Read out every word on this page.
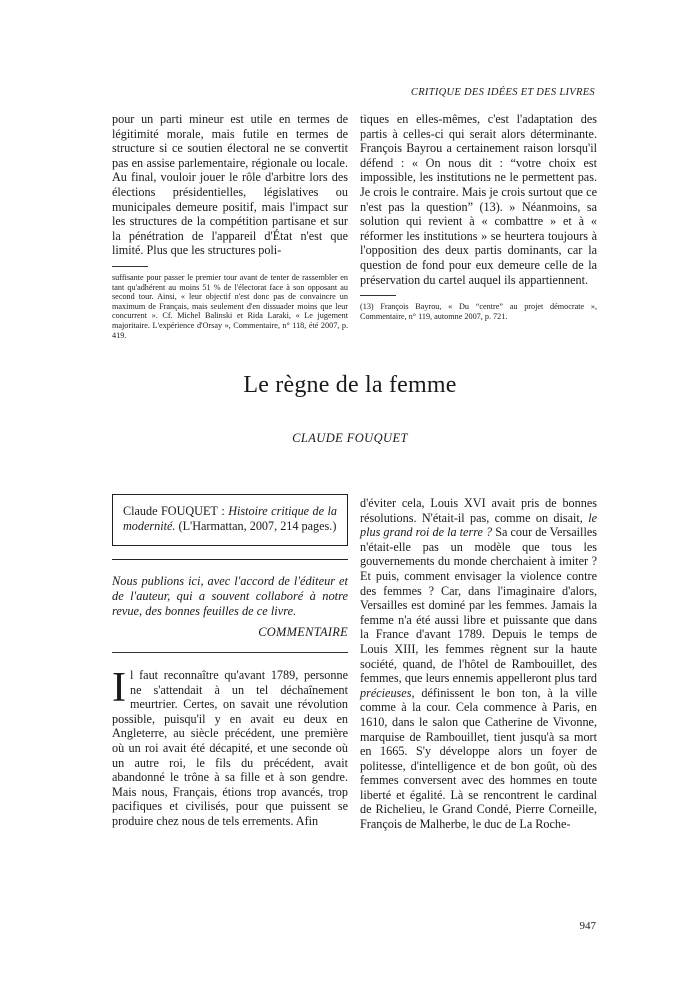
CRITIQUE DES IDÉES ET DES LIVRES

pour un parti mineur est utile en termes de légitimité morale, mais futile en termes de structure si ce soutien électoral ne se convertit pas en assise parlementaire, régionale ou locale. Au final, vouloir jouer le rôle d'arbitre lors des élections présidentielles, législatives ou municipales demeure positif, mais l'impact sur les structures de la compétition partisane et sur la pénétration de l'appareil d'État n'est que limité. Plus que les structures poli-

suffisante pour passer le premier tour avant de tenter de rassembler en tant qu'adhérent au moins 51 % de l'électorat face à son opposant au second tour. Ainsi, « leur objectif n'est donc pas de convaincre un maximum de Français, mais seulement d'en dissuader moins que leur concurrent ». Cf. Michel Balinski et Rida Laraki, « Le jugement majoritaire. L'expérience d'Orsay », Commentaire, n° 118, été 2007, p. 419.

tiques en elles-mêmes, c'est l'adaptation des partis à celles-ci qui serait alors déterminante. François Bayrou a certainement raison lorsqu'il défend : « On nous dit : “votre choix est impossible, les institutions ne le permettent pas. Je crois le contraire. Mais je crois surtout que ce n'est pas la question” (13). » Néanmoins, sa solution qui revient à « combattre » et à « réformer les institutions » se heurtera toujours à l'opposition des deux partis dominants, car la question de fond pour eux demeure celle de la préservation du cartel auquel ils appartiennent.

(13) François Bayrou, « Du “centre” au projet démocrate », Commentaire, n° 119, automne 2007, p. 721.

Le règne de la femme
CLAUDE FOUQUET
Claude FOUQUET : Histoire critique de la modernité. (L'Harmattan, 2007, 214 pages.)
Nous publions ici, avec l'accord de l'éditeur et de l'auteur, qui a souvent collaboré à notre revue, des bonnes feuilles de ce livre.
COMMENTAIRE

Il faut reconnaître qu'avant 1789, personne ne s'attendait à un tel déchaînement meurtrier. Certes, on savait une révolution possible, puisqu'il y en avait eu deux en Angleterre, au siècle précédent, une première où un roi avait été décapité, et une seconde où un autre roi, le fils du précédent, avait abandonné le trône à sa fille et à son gendre. Mais nous, Français, étions trop avancés, trop pacifiques et civilisés, pour que puissent se produire chez nous de tels errements. Afin

d'éviter cela, Louis XVI avait pris de bonnes résolutions. N'était-il pas, comme on disait, le plus grand roi de la terre ? Sa cour de Versailles n'était-elle pas un modèle que tous les gouvernements du monde cherchaient à imiter ? Et puis, comment envisager la violence contre des femmes ? Car, dans l'imaginaire d'alors, Versailles est dominé par les femmes. Jamais la femme n'a été aussi libre et puissante que dans la France d'avant 1789. Depuis le temps de Louis XIII, les femmes règnent sur la haute société, quand, de l'hôtel de Rambouillet, des femmes, que leurs ennemis appelleront plus tard précieuses, définissent le bon ton, à la ville comme à la cour. Cela commence à Paris, en 1610, dans le salon que Catherine de Vivonne, marquise de Rambouillet, tient jusqu'à sa mort en 1665. S'y développe alors un foyer de politesse, d'intelligence et de bon goût, où des femmes conversent avec des hommes en toute liberté et égalité. Là se rencontrent le cardinal de Richelieu, le Grand Condé, Pierre Corneille, François de Malherbe, le duc de La Roche-

947
